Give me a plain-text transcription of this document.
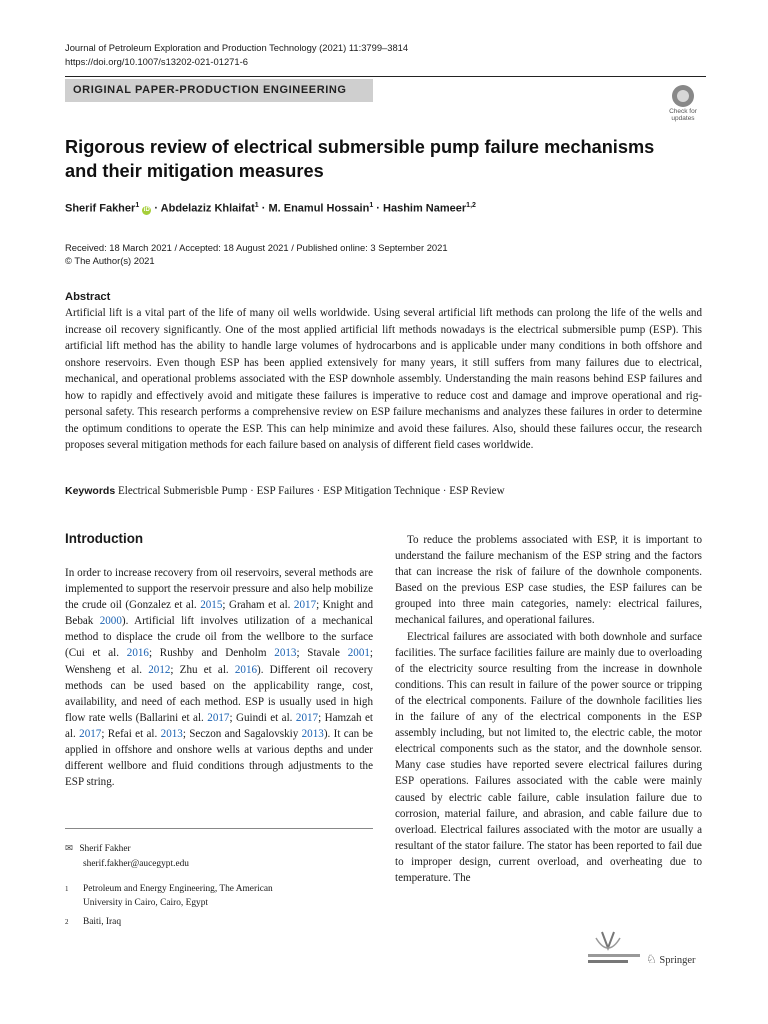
Journal of Petroleum Exploration and Production Technology (2021) 11:3799–3814
https://doi.org/10.1007/s13202-021-01271-6
ORIGINAL PAPER-PRODUCTION ENGINEERING
Check for
updates
Rigorous review of electrical submersible pump failure mechanisms and their mitigation measures
Sherif Fakher$^1$ iD · Abdelaziz Khlaifat$^1$ · M. Enamul Hossain$^1$ · Hashim Nameer$^{1,2}$
Received: 18 March 2021 / Accepted: 18 August 2021 / Published online: 3 September 2021
© The Author(s) 2021
Abstract

Artificial lift is a vital part of the life of many oil wells worldwide. Using several artificial lift methods can prolong the life of the wells and increase oil recovery significantly. One of the most applied artificial lift methods nowadays is the electrical submersible pump (ESP). This artificial lift method has the ability to handle large volumes of hydrocarbons and is applicable under many conditions in both offshore and onshore reservoirs. Even though ESP has been applied extensively for many years, it still suffers from many failures due to electrical, mechanical, and operational problems associated with the ESP downhole assembly. Understanding the main reasons behind ESP failures and how to rapidly and effectively avoid and mitigate these failures is imperative to reduce cost and damage and improve operational and rig-personal safety. This research performs a comprehensive review on ESP failure mechanisms and analyzes these failures in order to determine the optimum conditions to operate the ESP. This can help minimize and avoid these failures. Also, should these failures occur, the research proposes several mitigation methods for each failure based on analysis of different field cases worldwide.

Keywords Electrical Submerisble Pump · ESP Failures · ESP Mitigation Technique · ESP Review
Introduction

In order to increase recovery from oil reservoirs, several methods are implemented to support the reservoir pressure and also help mobilize the crude oil (Gonzalez et al. 2015; Graham et al. 2017; Knight and Bebak 2000). Artificial lift involves utilization of a mechanical method to displace the crude oil from the wellbore to the surface (Cui et al. 2016; Rushby and Denholm 2013; Stavale 2001; Wensheng et al. 2012; Zhu et al. 2016). Different oil recovery methods can be used based on the applicability range, cost, availability, and need of each method. ESP is usually used in high flow rate wells (Ballarini et al. 2017; Guindi et al. 2017; Hamzah et al. 2017; Refai et al. 2013; Seczon and Sagalovskiy 2013). It can be applied in offshore and onshore wells at various depths and under different wellbore and fluid conditions through adjustments to the ESP string.

To reduce the problems associated with ESP, it is important to understand the failure mechanism of the ESP string and the factors that can increase the risk of failure of the downhole components. Based on the previous ESP case studies, the ESP failures can be grouped into three main categories, namely: electrical failures, mechanical failures, and operational failures.

Electrical failures are associated with both downhole and surface facilities. The surface facilities failure are mainly due to overloading of the electricity source resulting from the increase in downhole conditions. This can result in failure of the power source or tripping of the electrical components. Failure of the downhole facilities lies in the failure of any of the electrical components in the ESP assembly including, but not limited to, the electric cable, the motor electrical components such as the stator, and the downhole sensor. Many case studies have reported severe electrical failures during ESP operations. Failures associated with the cable were mainly caused by electric cable failure, cable insulation failure due to corrosion, material failure, and abrasion, and cable failure due to overload. Electrical failures associated with the motor are usually a resultant of the stator failure. The stator has been reported to fail due to improper design, current overload, and overheating due to temperature. The

✉ Sherif Fakher
sherif.fakher@aucegypt.edu
1 Petroleum and Energy Engineering, The American
University in Cairo, Cairo, Egypt
2 Baiti, Iraq
♘ Springer
